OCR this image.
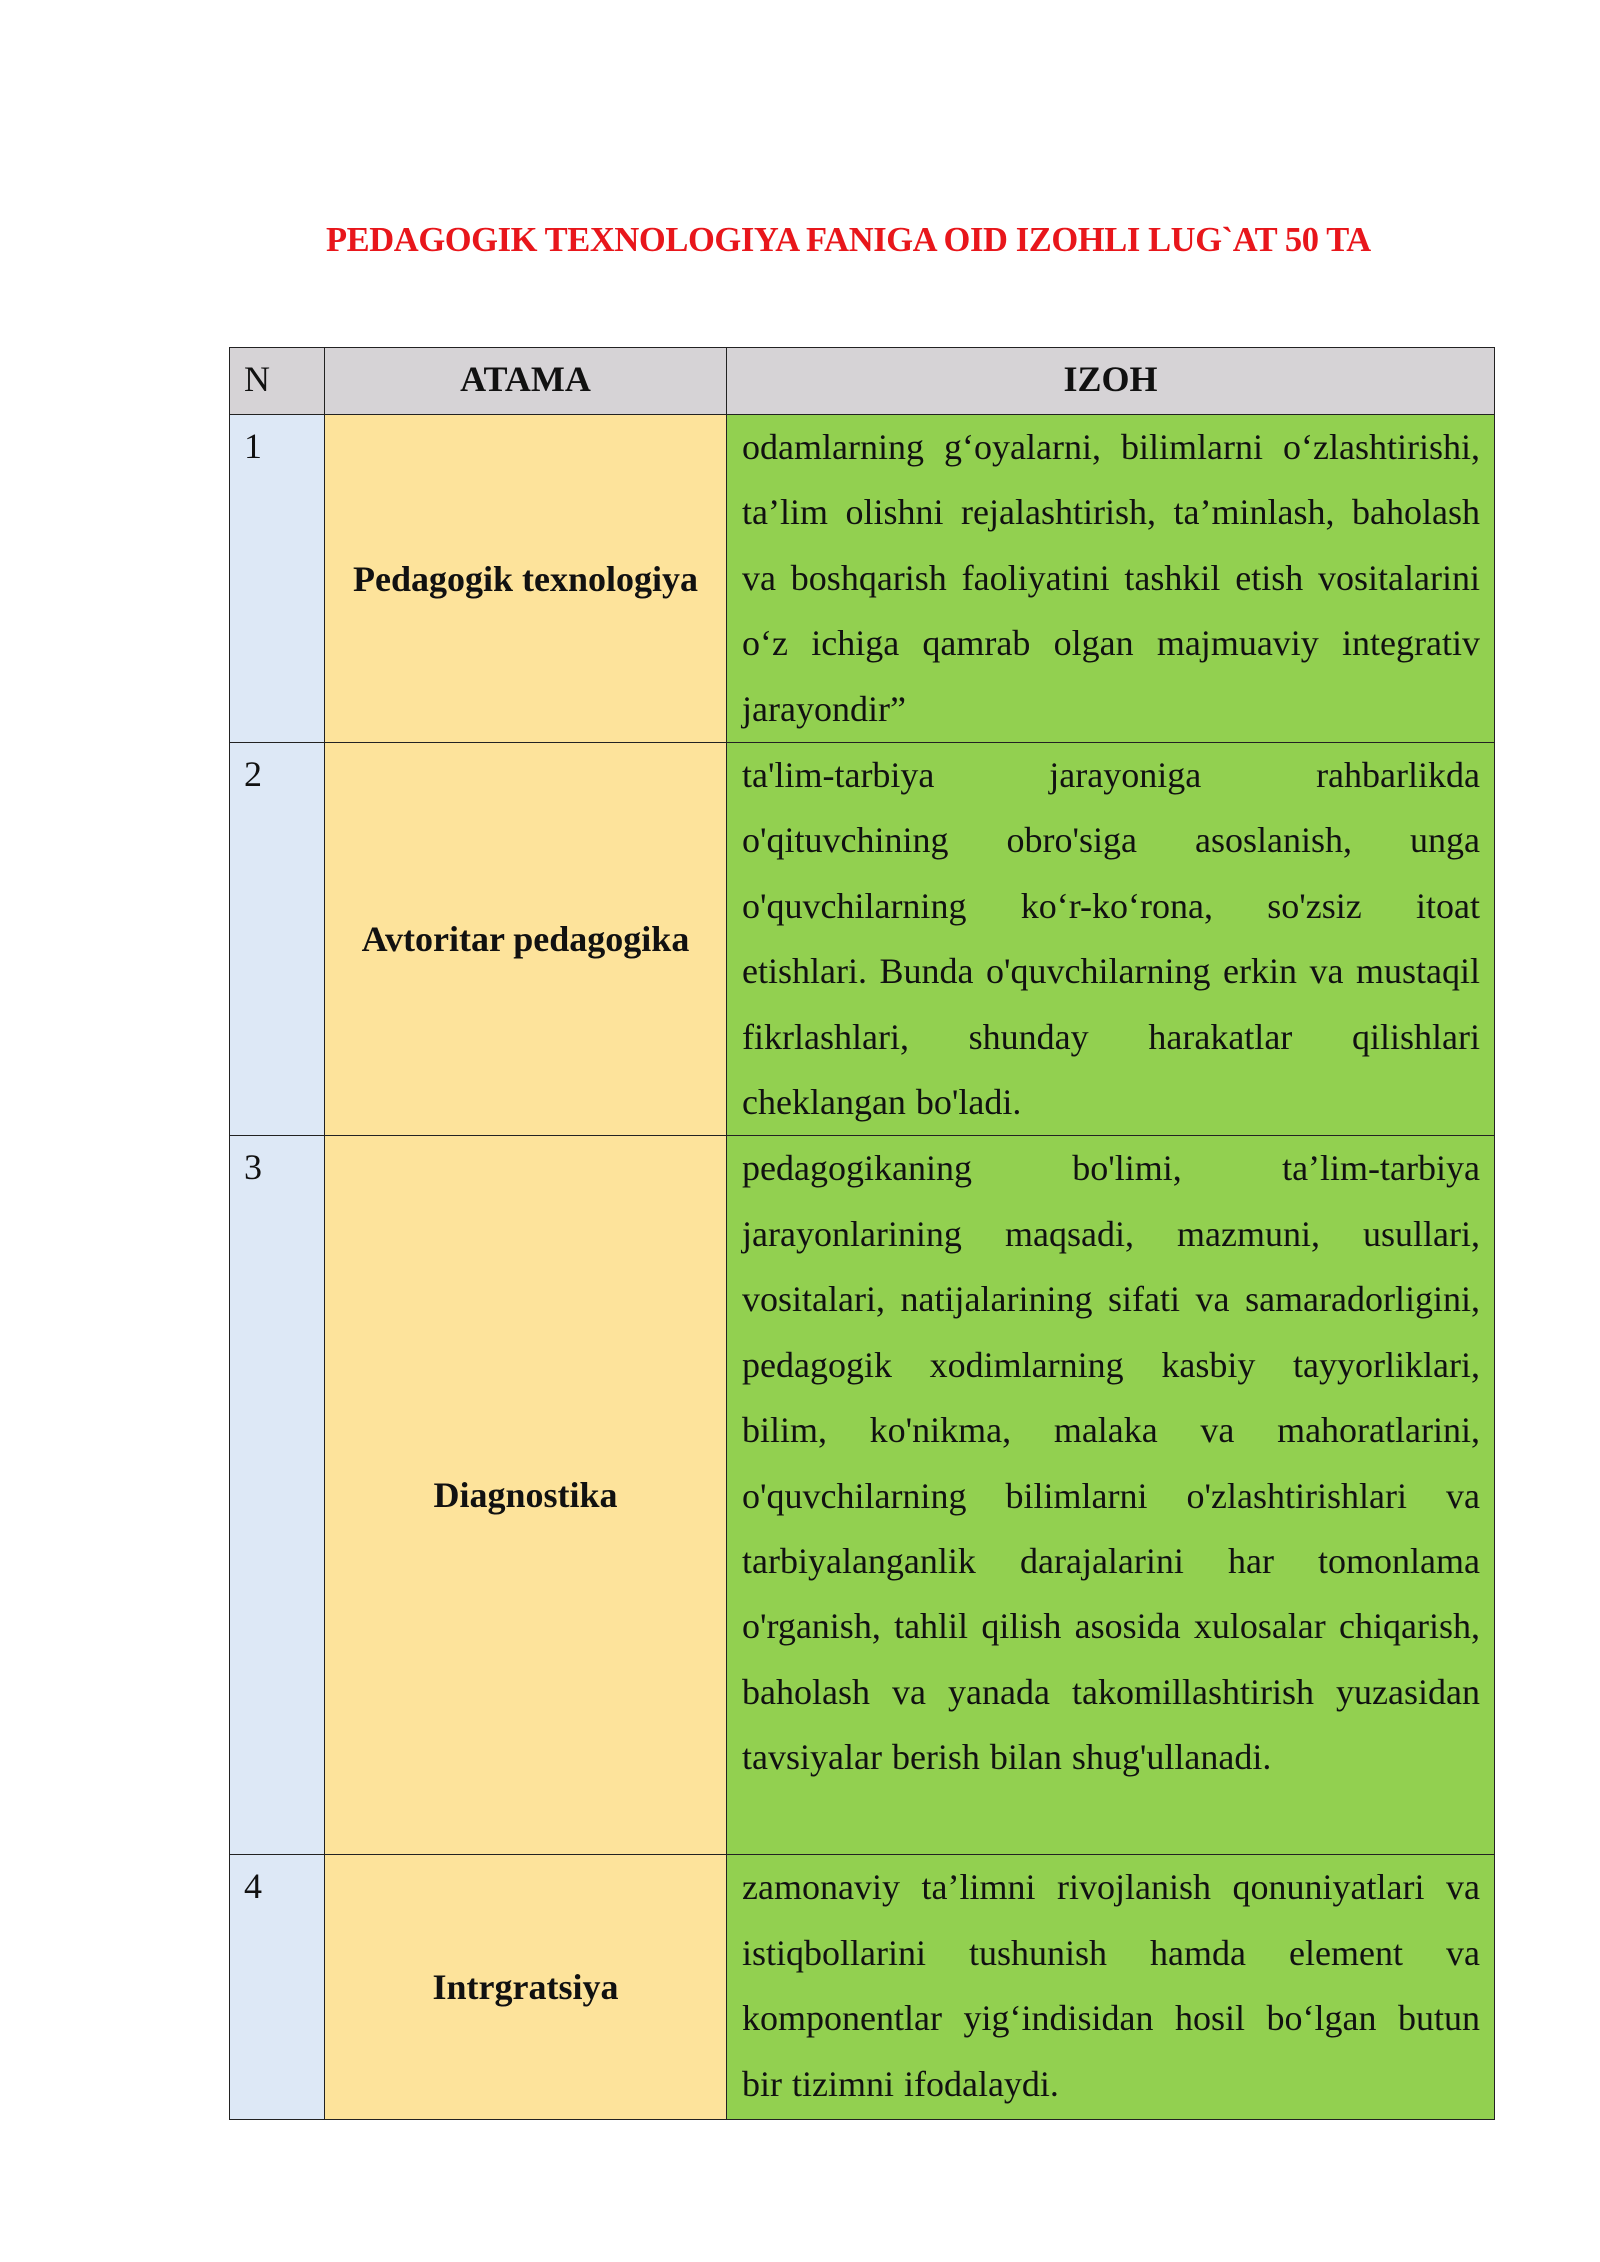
PEDAGOGIK TEXNOLOGIYA FANIGA OID IZOHLI LUG`AT 50 TA
N	ATAMA	IZOH

1	Pedagogik texnologiya	odamlarning g‘oyalarni, bilimlarni o‘zlashtirishi, ta’lim olishni rejalashtirish, ta’minlash, baholash va boshqarish faoliyatini tashkil etish vositalarini o‘z ichiga qamrab olgan majmuaviy integrativ jarayondir”

2	Avtoritar pedagogika	ta'lim-tarbiya jarayoniga rahbarlikda o'qituvchining obro'siga asoslanish, unga o'quvchilarning ko‘r-ko‘rona, so'zsiz itoat etishlari. Bunda o'quvchilarning erkin va mustaqil fikrlashlari, shunday harakatlar qilishlari cheklangan bo'ladi.

3	Diagnostika	pedagogikaning bo'limi, ta’lim-tarbiya jarayonlarining maqsadi, mazmuni, usullari, vositalari, natijalarining sifati va samaradorligini, pedagogik xodimlarning kasbiy tayyorliklari, bilim, ko'nikma, malaka va mahoratlarini, o'quvchilarning bilimlarni o'zlashtirishlari va tarbiyalanganlik darajalarini har tomonlama o'rganish, tahlil qilish asosida xulosalar chiqarish, baholash va yanada takomillashtirish yuzasidan tavsiyalar berish bilan shug'ullanadi.

4	Intrgratsiya	zamonaviy ta’limni rivojlanish qonuniyatlari va istiqbollarini tushunish hamda element va komponentlar yig‘indisidan hosil bo‘lgan butun bir tizimni ifodalaydi.
